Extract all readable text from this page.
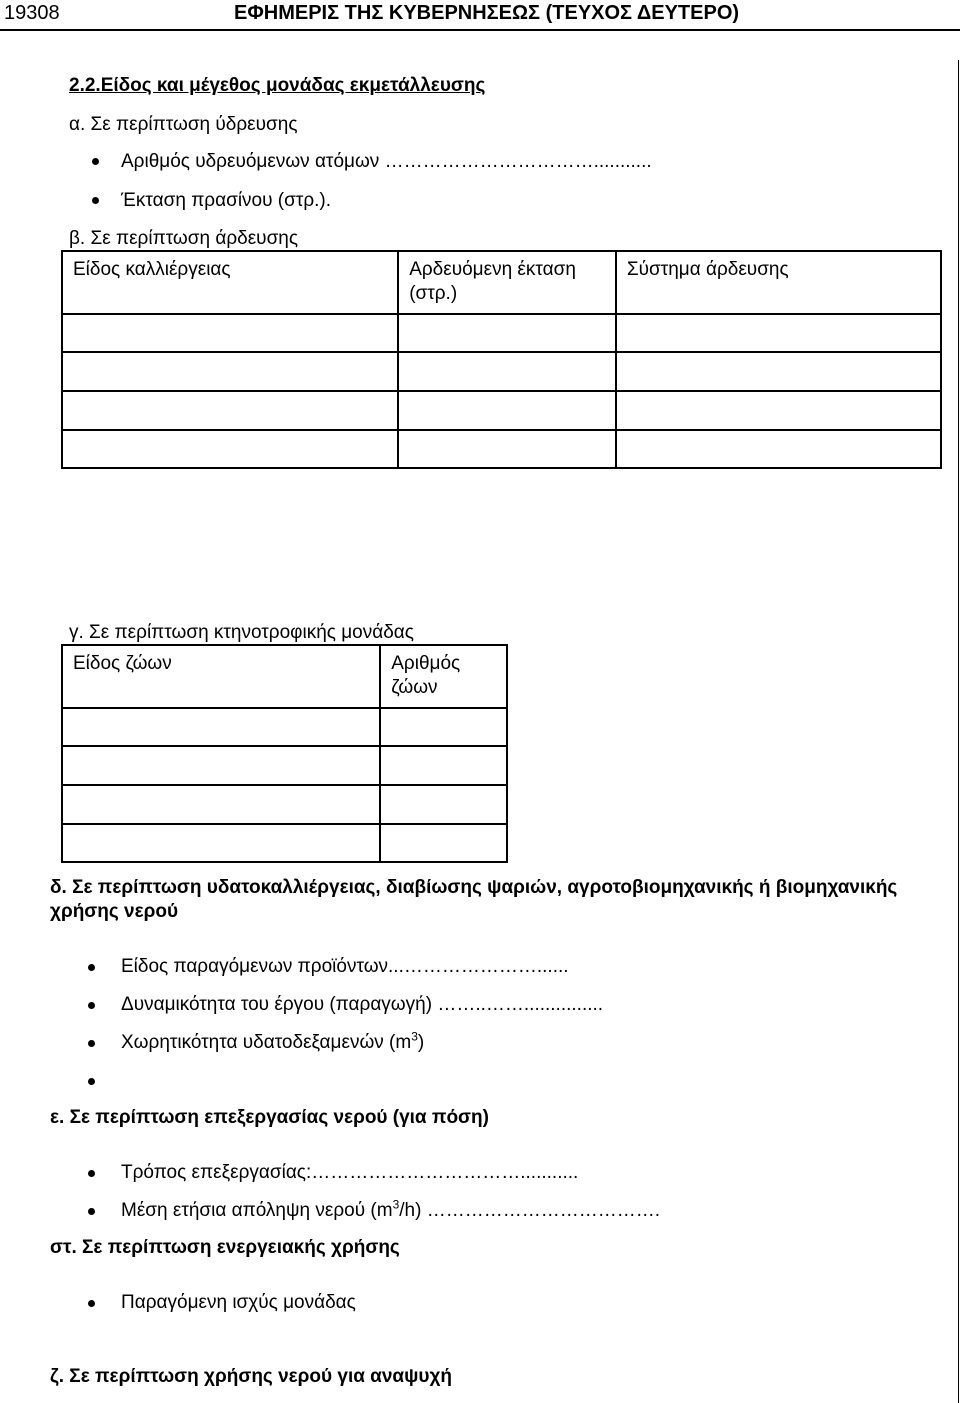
19308	ΕΦΗΜΕΡΙΣ ΤΗΣ ΚΥΒΕΡΝΗΣΕΩΣ (ΤΕΥΧΟΣ ΔΕΥΤΕΡΟ)
2.2.Είδος και μέγεθος μονάδας εκμετάλλευσης
α. Σε περίπτωση ύδρευσης
Αριθμός υδρευόμενων ατόμων ……………………………...........
Έκταση πρασίνου (στρ.).
β. Σε περίπτωση άρδευσης
Είδος καλλιέργειας	Αρδευόμενη έκταση (στρ.)	Σύστημα άρδευσης

γ. Σε περίπτωση κτηνοτροφικής μονάδας
Είδος ζώων	Αριθμός ζώων

δ. Σε περίπτωση υδατοκαλλιέργειας, διαβίωσης ψαριών, αγροτοβιομηχανικής ή βιομηχανικής
χρήσης νερού
Είδος παραγόμενων προϊόντων...…………………......
Δυναμικότητα του έργου (παραγωγή) ……..……...............
Χωρητικότητα υδατοδεξαμενών $(m^3)$
ε. Σε περίπτωση επεξεργασίας νερού (για πόση)
Τρόπος επεξεργασίας:……………………………...........
Μέση ετήσια απόληψη νερού $(m^3/h)$ ……………………………….
στ. Σε περίπτωση ενεργειακής χρήσης
Παραγόμενη ισχύς μονάδας
ζ. Σε περίπτωση χρήσης νερού για αναψυχή
